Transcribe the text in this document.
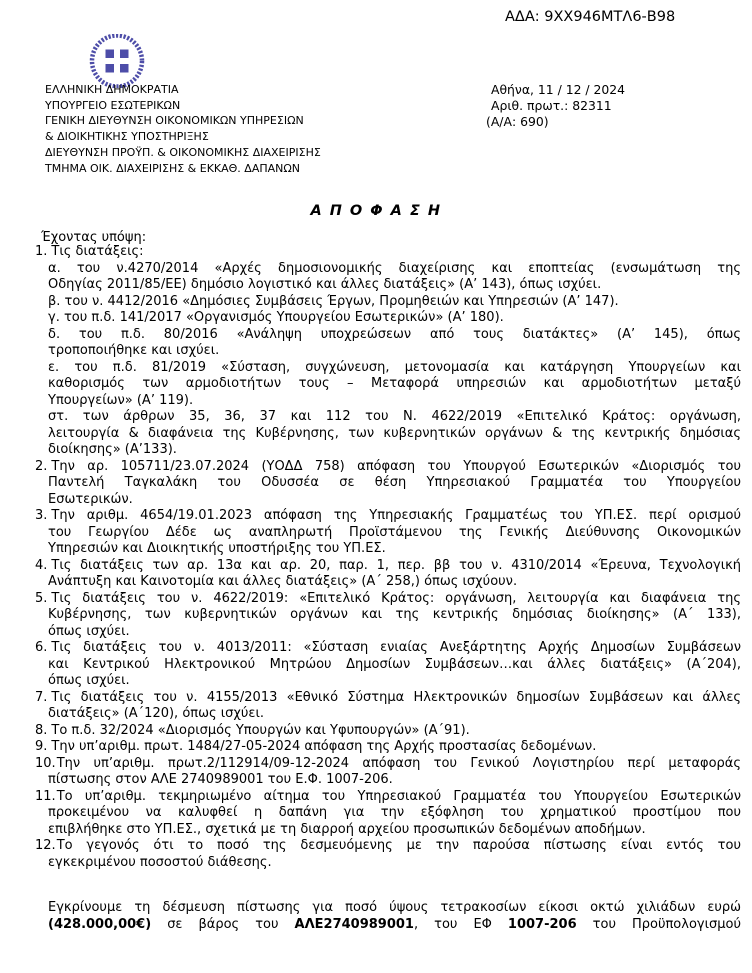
ΑΔΑ: 9ΧΧ946ΜΤΛ6-Β98
ΕΛΛΗΝΙΚΗ ΔΗΜΟΚΡΑΤΙΑ
ΥΠΟΥΡΓΕΙΟ ΕΣΩΤΕΡΙΚΩΝ
ΓΕΝΙΚΗ ΔΙΕΥΘΥΝΣΗ ΟΙΚΟΝΟΜΙΚΩΝ ΥΠΗΡΕΣΙΩΝ
& ΔΙΟΙΚΗΤΙΚΗΣ ΥΠΟΣΤΗΡΙΞΗΣ
ΔΙΕΥΘΥΝΣΗ ΠΡΟΫΠ. & ΟΙΚΟΝΟΜΙΚΗΣ ΔΙΑΧΕΙΡΙΣΗΣ
ΤΜΗΜΑ ΟΙΚ. ΔΙΑΧΕΙΡΙΣΗΣ & ΕΚΚΑΘ. ΔΑΠΑΝΩΝ
Αθήνα, 11 / 12 / 2024
Αριθ. πρωτ.: 82311
(Α/Α: 690)
Α Π Ο Φ Α Σ Η
Έχοντας υπόψη:
1. Τις διατάξεις:
α. του ν.4270/2014 «Αρχές δημοσιονομικής διαχείρισης και εποπτείας (ενσωμάτωση της
Οδηγίας 2011/85/ΕΕ) δημόσιο λογιστικό και άλλες διατάξεις» (Α’ 143), όπως ισχύει.
β. του ν. 4412/2016 «Δημόσιες Συμβάσεις Έργων, Προμηθειών και Υπηρεσιών (Α’ 147).
γ. του π.δ. 141/2017 «Οργανισμός Υπουργείου Εσωτερικών» (Α’ 180).
δ. του π.δ. 80/2016 «Ανάληψη υποχρεώσεων από τους διατάκτες» (Α’ 145), όπως
τροποποιήθηκε και ισχύει.
ε. του π.δ. 81/2019 «Σύσταση, συγχώνευση, μετονομασία και κατάργηση Υπουργείων και
καθορισμός των αρμοδιοτήτων τους – Μεταφορά υπηρεσιών και αρμοδιοτήτων μεταξύ
Υπουργείων» (Α’ 119).
στ. των άρθρων 35, 36, 37 και 112 του Ν. 4622/2019 «Επιτελικό Κράτος: οργάνωση,
λειτουργία & διαφάνεια της Κυβέρνησης, των κυβερνητικών οργάνων & της κεντρικής δημόσιας
διοίκησης» (Α’133).
2. Την αρ. 105711/23.07.2024 (ΥΟΔΔ 758) απόφαση του Υπουργού Εσωτερικών «Διορισμός του
Παντελή Ταγκαλάκη του Οδυσσέα σε θέση Υπηρεσιακού Γραμματέα του Υπουργείου
Εσωτερικών.
3. Την αριθμ. 4654/19.01.2023 απόφαση της Υπηρεσιακής Γραμματέως του ΥΠ.ΕΣ. περί ορισμού
του Γεωργίου Δέδε ως αναπληρωτή Προϊστάμενου της Γενικής Διεύθυνσης Οικονομικών
Υπηρεσιών και Διοικητικής υποστήριξης του ΥΠ.ΕΣ.
4. Τις διατάξεις των αρ. 13α και αρ. 20, παρ. 1, περ. ββ του ν. 4310/2014 «Έρευνα, Τεχνολογική
Ανάπτυξη και Καινοτομία και άλλες διατάξεις» (Α΄ 258,) όπως ισχύουν.
5. Τις διατάξεις του ν. 4622/2019: «Επιτελικό Κράτος: οργάνωση, λειτουργία και διαφάνεια της
Κυβέρνησης, των κυβερνητικών οργάνων και της κεντρικής δημόσιας διοίκησης» (Α΄ 133),
όπως ισχύει.
6. Τις διατάξεις του ν. 4013/2011: «Σύσταση ενιαίας Ανεξάρτητης Αρχής Δημοσίων Συμβάσεων
και Κεντρικού Ηλεκτρονικού Μητρώου Δημοσίων Συμβάσεων…και άλλες διατάξεις» (Α΄204),
όπως ισχύει.
7. Τις διατάξεις του ν. 4155/2013 «Εθνικό Σύστημα Ηλεκτρονικών δημοσίων Συμβάσεων και άλλες
διατάξεις» (Α΄120), όπως ισχύει.
8. Το π.δ. 32/2024 «Διορισμός Υπουργών και Υφυπουργών» (Α΄91).
9. Την υπ’αριθμ. πρωτ. 1484/27-05-2024 απόφαση της Αρχής προστασίας δεδομένων.
10.Την υπ’αριθμ. πρωτ.2/112914/09-12-2024 απόφαση του Γενικού Λογιστηρίου περί μεταφοράς
πίστωσης στον ΑΛΕ 2740989001 του Ε.Φ. 1007-206.
11.Το υπ’αριθμ. τεκμηριωμένο αίτημα του Υπηρεσιακού Γραμματέα του Υπουργείου Εσωτερικών
προκειμένου να καλυφθεί η δαπάνη για την εξόφληση του χρηματικού προστίμου που
επιβλήθηκε στο ΥΠ.ΕΣ., σχετικά με τη διαρροή αρχείου προσωπικών δεδομένων αποδήμων.
12.Το γεγονός ότι το ποσό της δεσμευόμενης με την παρούσα πίστωσης είναι εντός του
εγκεκριμένου ποσοστού διάθεσης.
Εγκρίνουμε τη δέσμευση πίστωσης για ποσό ύψους τετρακοσίων είκοσι οκτώ χιλιάδων ευρώ
(428.000,00€) σε βάρος του ΑΛΕ2740989001, του ΕΦ 1007-206 του Προϋπολογισμού
